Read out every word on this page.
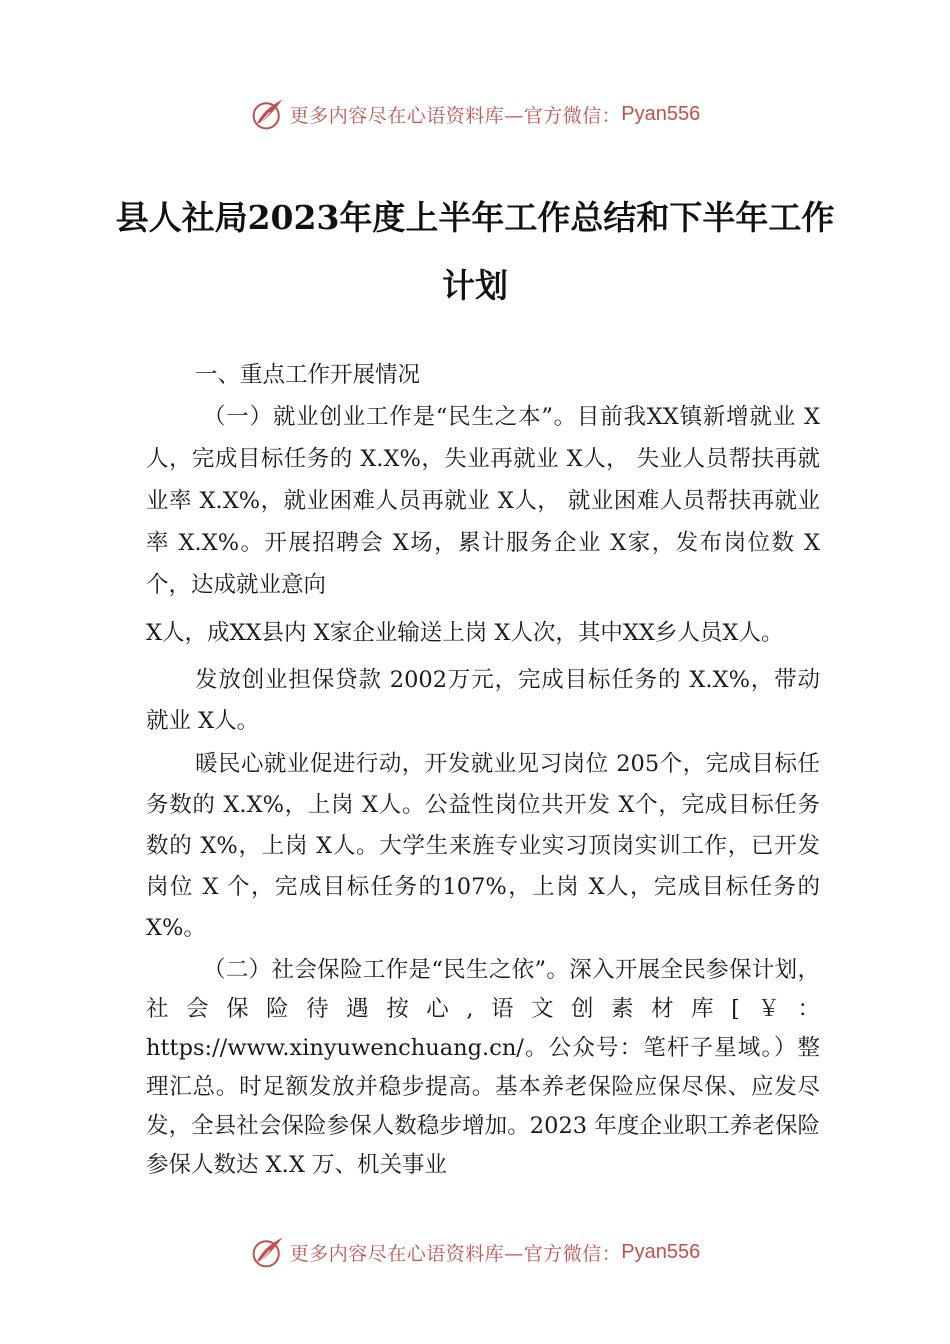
更多内容尽在心语资料库—官方微信： Pyan556
县人社局2023年度上半年工作总结和下半年工作计划

一、重点工作开展情况

（一）就业创业工作是“民生之本”。目前我XX镇新增就业 X人，完成目标任务的 X.X%，失业再就业 X人， 失业人员帮扶再就业率 X.X%，就业困难人员再就业 X人， 就业困难人员帮扶再就业率 X.X%。开展招聘会 X场，累计服务企业 X家，发布岗位数 X个，达成就业意向

X人，成XX县内 X家企业输送上岗 X人次，其中XX乡人员X人。

发放创业担保贷款 2002万元，完成目标任务的 X.X%，带动就业 X人。

暖民心就业促进行动，开发就业见习岗位 205个，完成目标任务数的 X.X%，上岗 X人。公益性岗位共开发 X个，完成目标任务数的 X%，上岗 X人。大学生来旌专业实习顶岗实训工作，已开发岗位 X 个，完成目标任务的107%，上岗 X人，完成目标任务的 X%。

（二）社会保险工作是“民生之依”。深入开展全民参保计划，社会保险待遇按心,语文创素材库[￥：https://www.xinyuwenchuang.cn/。公众号：笔杆子星域。）整理汇总。时足额发放并稳步提高。基本养老保险应保尽保、应发尽发，全县社会保险参保人数稳步增加。2023 年度企业职工养老保险参保人数达 X.X 万、机关事业

更多内容尽在心语资料库—官方微信： Pyan556
